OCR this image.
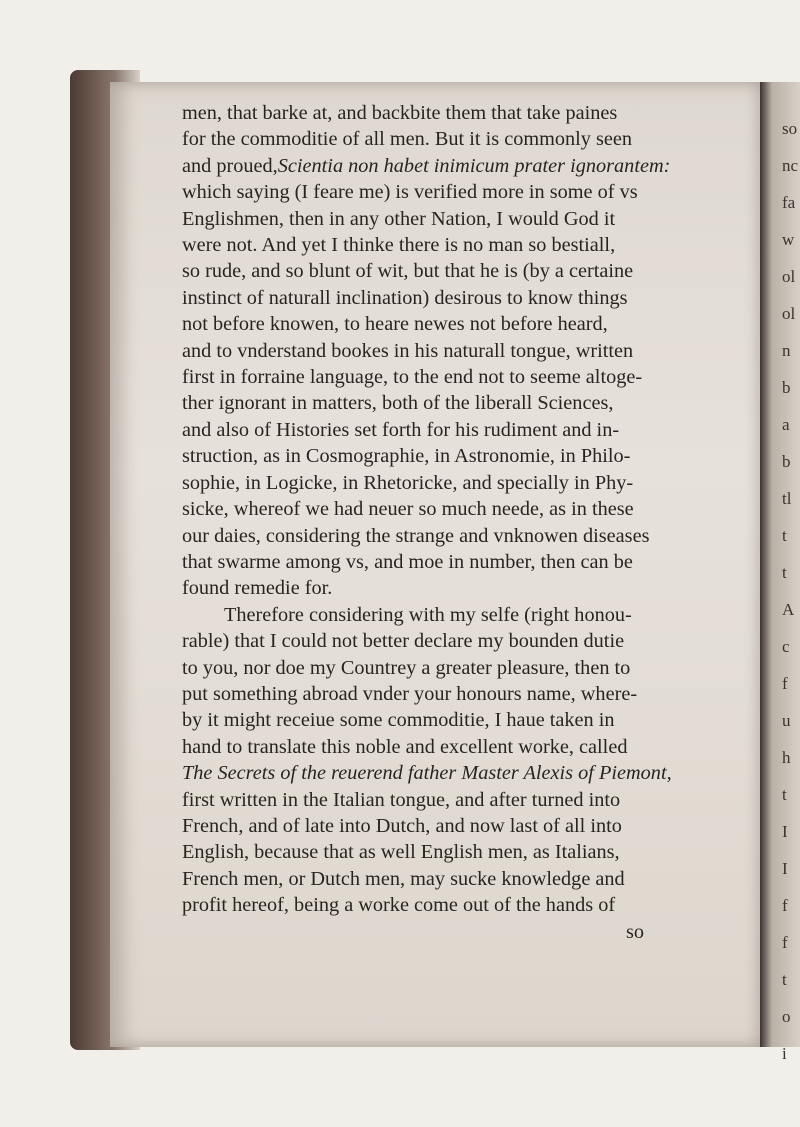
men, that barke at, and backbite them that take paines
for the commoditie of all men. But it is commonly seen
and proued,Scientia non habet inimicum prater ignorantem:
which saying (I feare me) is verified more in some of vs
Englishmen, then in any other Nation, I would God it
were not. And yet I thinke there is no man so bestiall,
so rude, and so blunt of wit, but that he is (by a certaine
instinct of naturall inclination) desirous to know things
not before knowen, to heare newes not before heard,
and to vnderstand bookes in his naturall tongue, written
first in forraine language, to the end not to seeme altoge-
ther ignorant in matters, both of the liberall Sciences,
and also of Histories set forth for his rudiment and in-
struction, as in Cosmographie, in Astronomie, in Philo-
sophie, in Logicke, in Rhetoricke, and specially in Phy-
sicke, whereof we had neuer so much neede, as in these
our daies, considering the strange and vnknowen diseases
that swarme among vs, and moe in number, then can be
found remedie for.
Therefore considering with my selfe (right honou-
rable) that I could not better declare my bounden dutie
to you, nor doe my Countrey a greater pleasure, then to
put something abroad vnder your honours name, where-
by it might receiue some commoditie, I haue taken in
hand to translate this noble and excellent worke, called
The Secrets of the reuerend father Master Alexis of Piemont,
first written in the Italian tongue, and after turned into
French, and of late into Dutch, and now last of all into
English, because that as well English men, as Italians,
French men, or Dutch men, may sucke knowledge and
profit hereof, being a worke come out of the hands of
so
so
nc
fa
w
ol
ol
n
b
a
b
tl
t
t
A
c
f
u
h
t
I
I
f
f
t
o
i
